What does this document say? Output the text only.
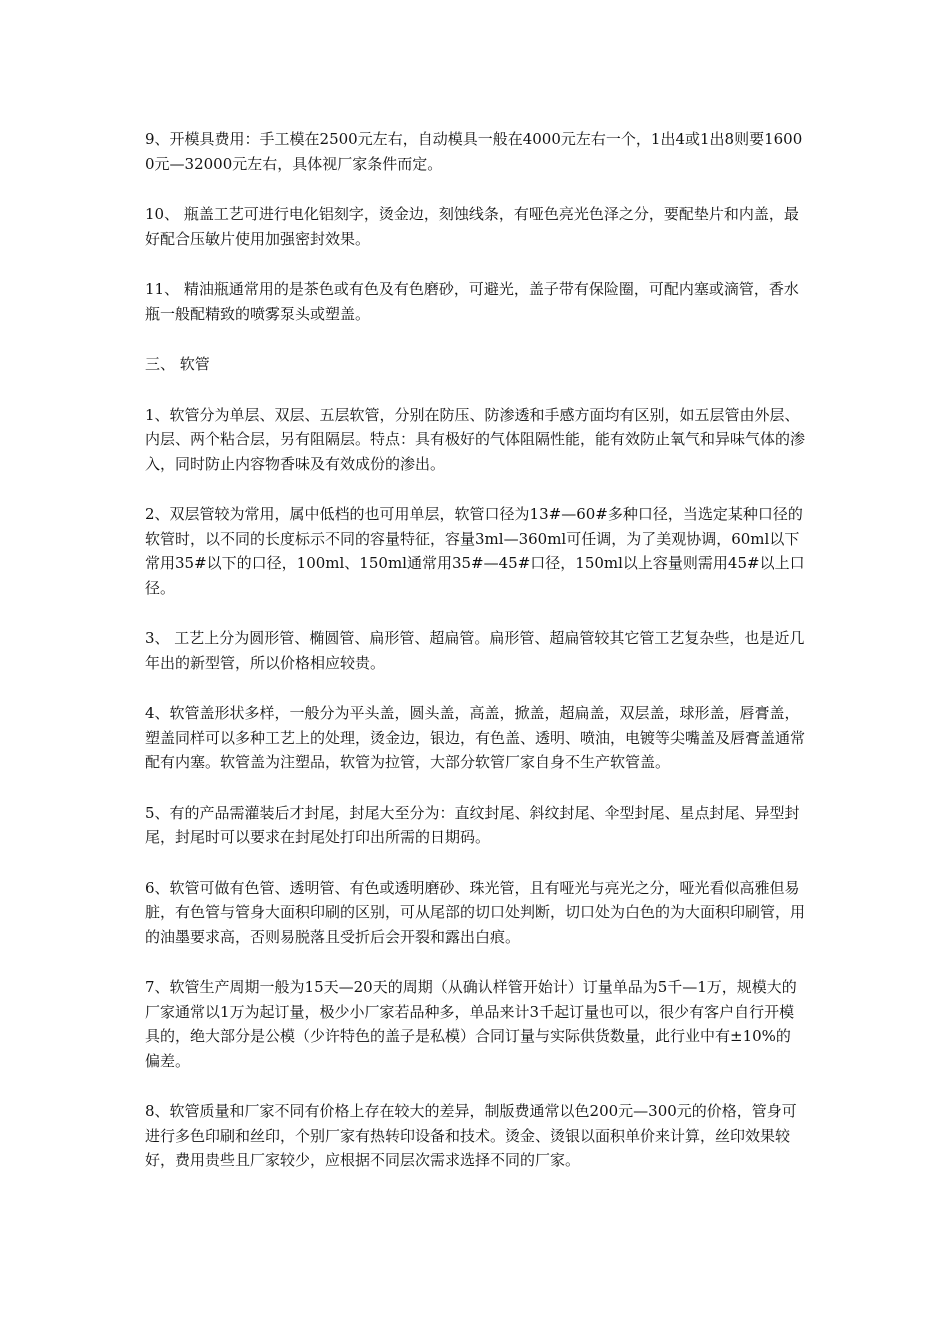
9、开模具费用：手工模在2500元左右，自动模具一般在4000元左右一个，1出4或1出8则要16000元—32000元左右，具体视厂家条件而定。

10、 瓶盖工艺可进行电化铝刻字，烫金边，刻蚀线条，有哑色亮光色泽之分，要配垫片和内盖，最好配合压敏片使用加强密封效果。

11、 精油瓶通常用的是茶色或有色及有色磨砂，可避光，盖子带有保险圈，可配内塞或滴管，香水瓶一般配精致的喷雾泵头或塑盖。

三、 软管

1、软管分为单层、双层、五层软管，分别在防压、防渗透和手感方面均有区别，如五层管由外层、内层、两个粘合层，另有阻隔层。特点：具有极好的气体阻隔性能，能有效防止氧气和异味气体的渗入，同时防止内容物香味及有效成份的渗出。

2、双层管较为常用，属中低档的也可用单层，软管口径为13#—60#多种口径，当选定某种口径的软管时，以不同的长度标示不同的容量特征，容量3ml—360ml可任调，为了美观协调，60ml以下常用35#以下的口径，100ml、150ml通常用35#—45#口径，150ml以上容量则需用45#以上口径。

3、 工艺上分为圆形管、椭圆管、扁形管、超扁管。扁形管、超扁管较其它管工艺复杂些，也是近几年出的新型管，所以价格相应较贵。

4、软管盖形状多样，一般分为平头盖，圆头盖，高盖，掀盖，超扁盖，双层盖，球形盖，唇膏盖，塑盖同样可以多种工艺上的处理，烫金边，银边，有色盖、透明、喷油，电镀等尖嘴盖及唇膏盖通常配有内塞。软管盖为注塑品，软管为拉管，大部分软管厂家自身不生产软管盖。

5、有的产品需灌装后才封尾，封尾大至分为：直纹封尾、斜纹封尾、伞型封尾、星点封尾、异型封尾，封尾时可以要求在封尾处打印出所需的日期码。

6、软管可做有色管、透明管、有色或透明磨砂、珠光管，且有哑光与亮光之分，哑光看似高雅但易脏，有色管与管身大面积印刷的区别，可从尾部的切口处判断，切口处为白色的为大面积印刷管，用的油墨要求高，否则易脱落且受折后会开裂和露出白痕。

7、软管生产周期一般为15天—20天的周期（从确认样管开始计）订量单品为5千—1万，规模大的厂家通常以1万为起订量，极少小厂家若品种多，单品来计3千起订量也可以，很少有客户自行开模具的，绝大部分是公模（少许特色的盖子是私模）合同订量与实际供货数量，此行业中有±10%的偏差。

8、软管质量和厂家不同有价格上存在较大的差异，制版费通常以色200元—300元的价格，管身可进行多色印刷和丝印，个别厂家有热转印设备和技术。烫金、烫银以面积单价来计算，丝印效果较好，费用贵些且厂家较少，应根据不同层次需求选择不同的厂家。
